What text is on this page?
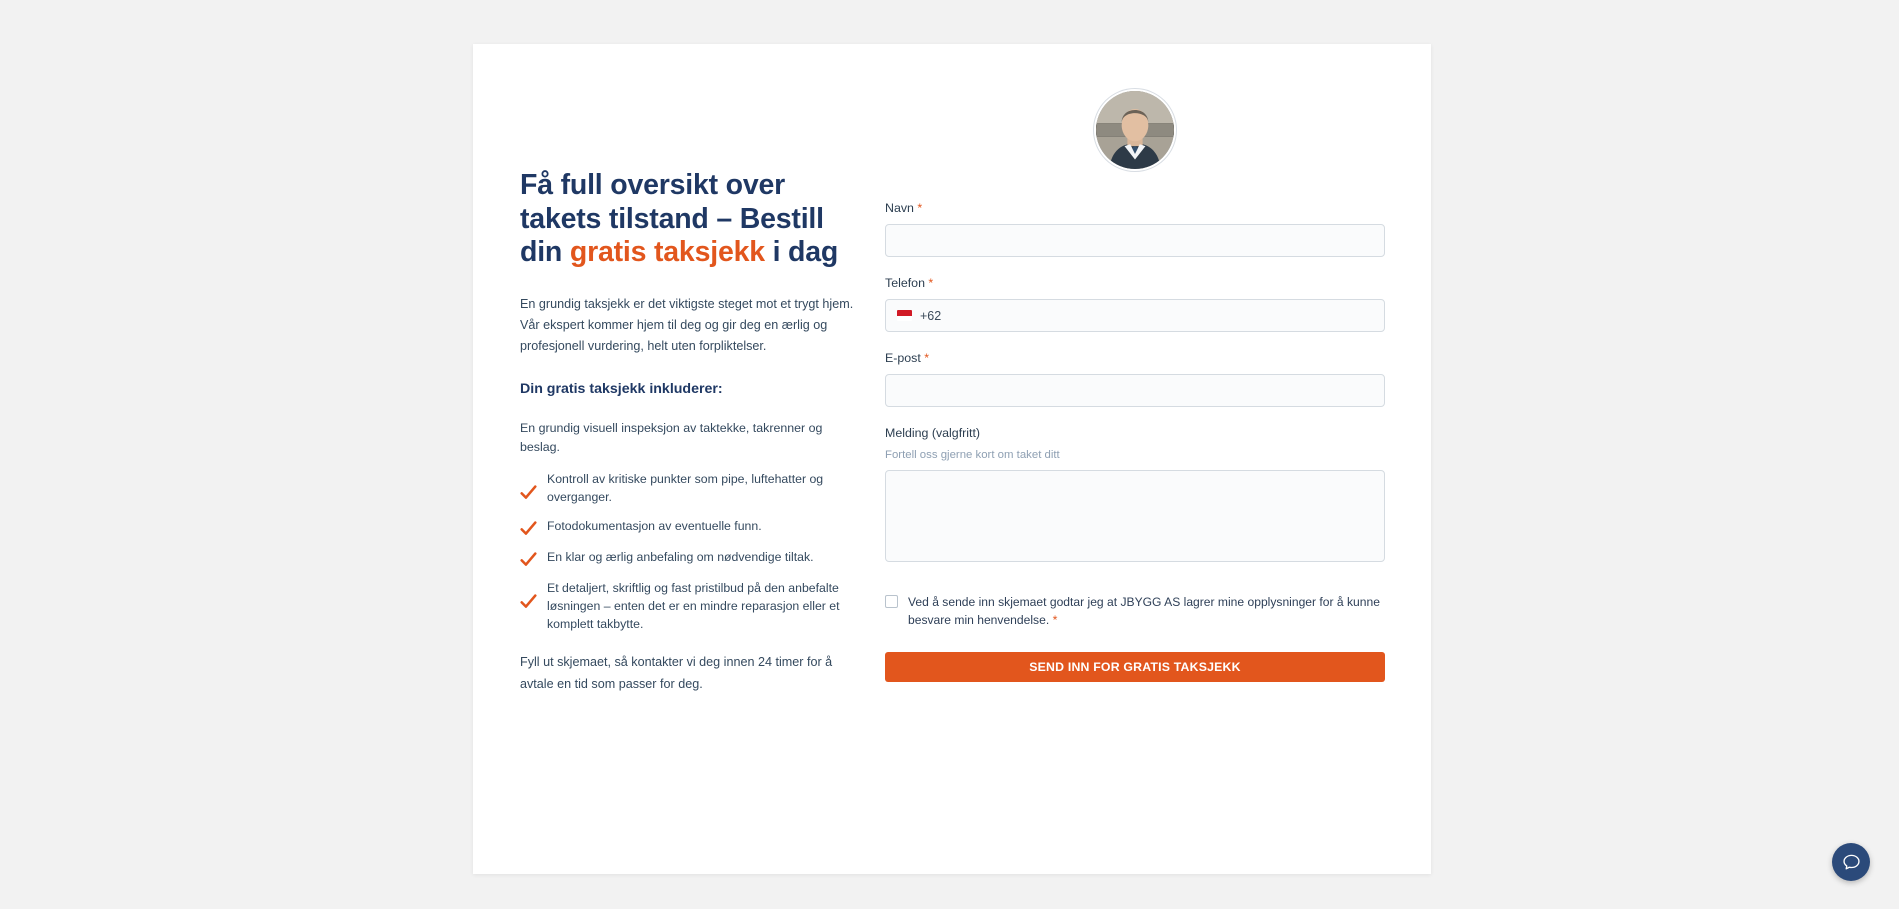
Få full oversikt over takets tilstand – Bestill din gratis taksjekk i dag

En grundig taksjekk er det viktigste steget mot et trygt hjem. Vår ekspert kommer hjem til deg og gir deg en ærlig og profesjonell vurdering, helt uten forpliktelser.

Din gratis taksjekk inkluderer:

En grundig visuell inspeksjon av taktekke, takrenner og beslag.

Kontroll av kritiske punkter som pipe, luftehatter og overganger.
Fotodokumentasjon av eventuelle funn.
En klar og ærlig anbefaling om nødvendige tiltak.
Et detaljert, skriftlig og fast pristilbud på den anbefalte løsningen – enten det er en mindre reparasjon eller et komplett takbytte.

Fyll ut skjemaet, så kontakter vi deg innen 24 timer for å avtale en tid som passer for deg.

Navn *
Telefon *
+62
E-post *
Melding (valgfritt)

Fortell oss gjerne kort om taket ditt

Ved å sende inn skjemaet godtar jeg at JBYGG AS lagrer mine opplysninger for å kunne besvare min henvendelse. *
SEND INN FOR GRATIS TAKSJEKK
